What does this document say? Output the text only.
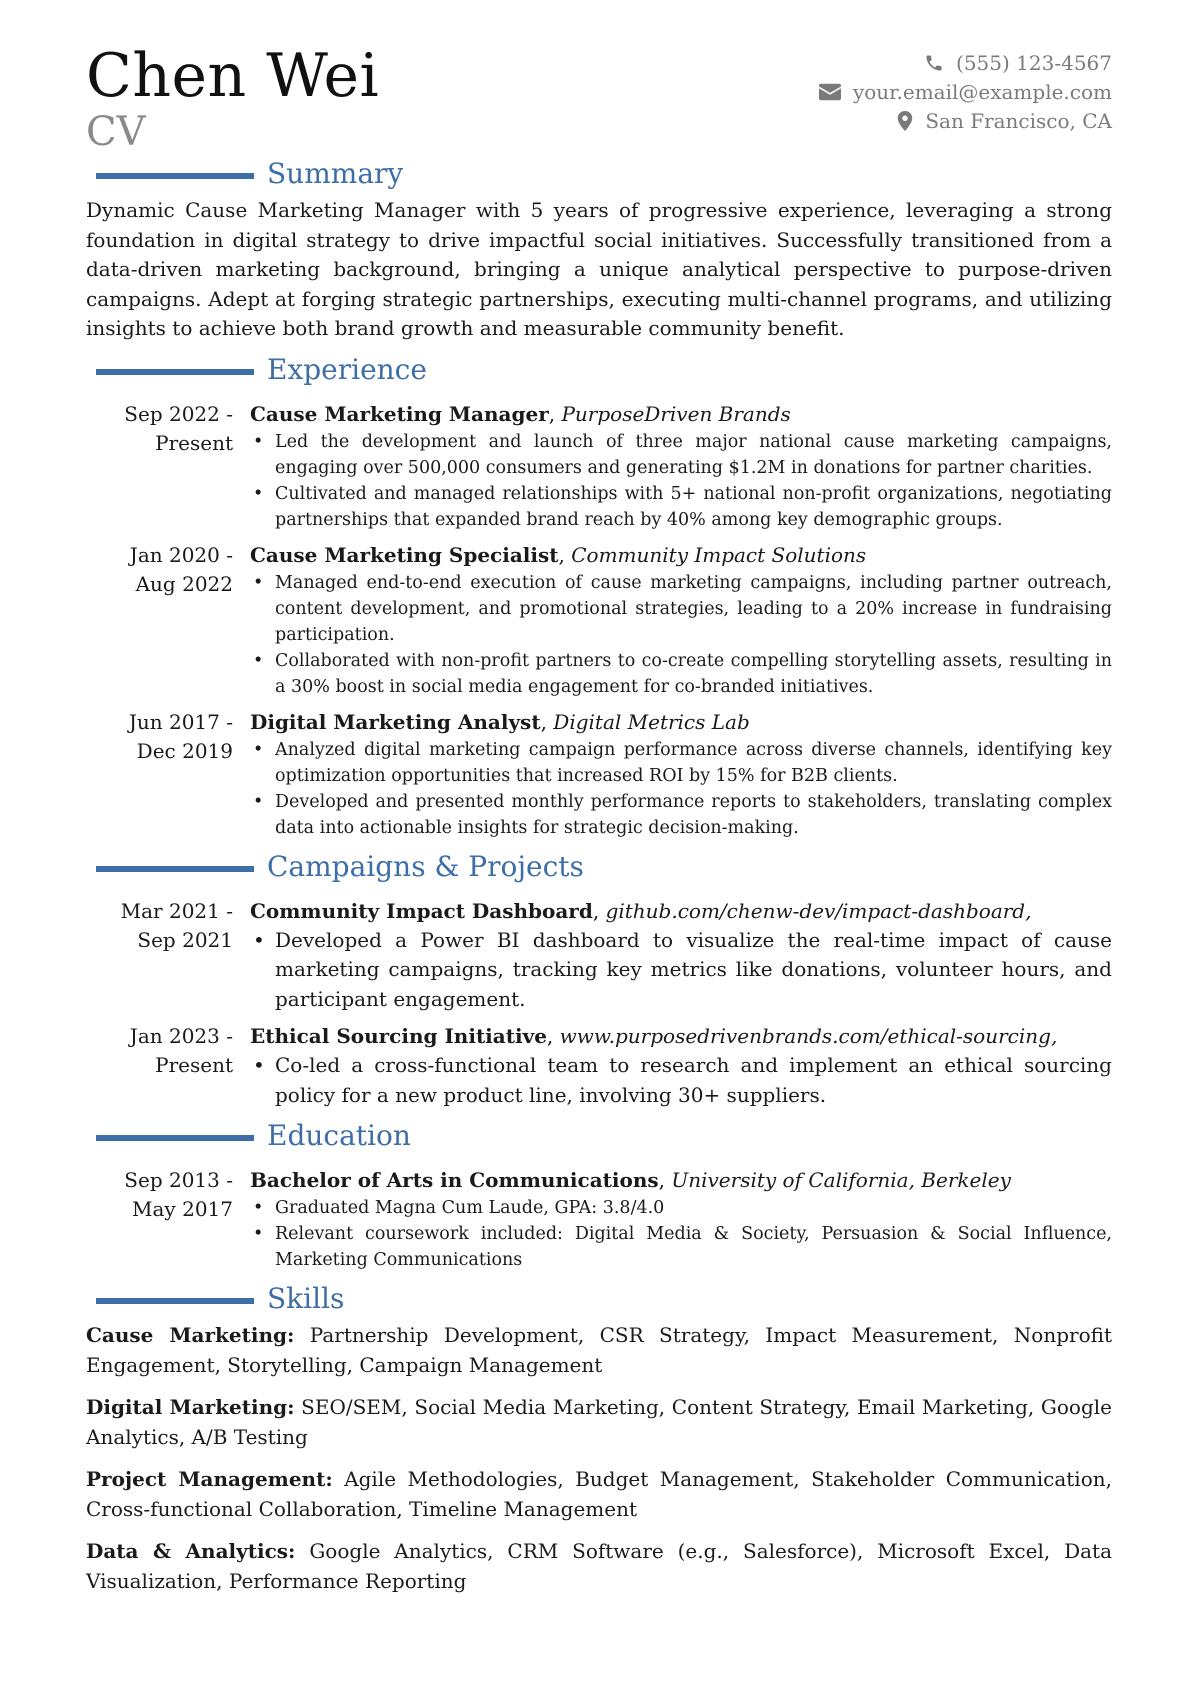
Chen Wei
CV
(555) 123-4567
your.email@example.com
San Francisco, CA
Summary

Dynamic Cause Marketing Manager with 5 years of progressive experience, leveraging a strong foundation in digital strategy to drive impactful social initiatives. Successfully transitioned from a data-driven marketing background, bringing a unique analytical perspective to purpose-driven campaigns. Adept at forging strategic partnerships, executing multi-channel programs, and utilizing insights to achieve both brand growth and measurable community benefit.

Experience
Sep 2022 - Present
Cause Marketing Manager, PurposeDriven Brands
• Led the development and launch of three major national cause marketing campaigns, engaging over 500,000 consumers and generating $1.2M in donations for partner charities.
• Cultivated and managed relationships with 5+ national non-profit organizations, negotiating partnerships that expanded brand reach by 40% among key demographic groups.
Jan 2020 - Aug 2022
Cause Marketing Specialist, Community Impact Solutions
• Managed end-to-end execution of cause marketing campaigns, including partner outreach, content development, and promotional strategies, leading to a 20% increase in fundraising participation.
• Collaborated with non-profit partners to co-create compelling storytelling assets, resulting in a 30% boost in social media engagement for co-branded initiatives.
Jun 2017 - Dec 2019
Digital Marketing Analyst, Digital Metrics Lab
• Analyzed digital marketing campaign performance across diverse channels, identifying key optimization opportunities that increased ROI by 15% for B2B clients.
• Developed and presented monthly performance reports to stakeholders, translating complex data into actionable insights for strategic decision-making.
Campaigns & Projects
Mar 2021 - Sep 2021
Community Impact Dashboard, github.com/chenw-dev/impact-dashboard,
• Developed a Power BI dashboard to visualize the real-time impact of cause marketing campaigns, tracking key metrics like donations, volunteer hours, and participant engagement.
Jan 2023 - Present
Ethical Sourcing Initiative, www.purposedrivenbrands.com/ethical-sourcing,
• Co-led a cross-functional team to research and implement an ethical sourcing policy for a new product line, involving 30+ suppliers.
Education
Sep 2013 - May 2017
Bachelor of Arts in Communications, University of California, Berkeley
• Graduated Magna Cum Laude, GPA: 3.8/4.0
• Relevant coursework included: Digital Media & Society, Persuasion & Social Influence, Marketing Communications
Skills
Cause Marketing: Partnership Development, CSR Strategy, Impact Measurement, Nonprofit Engagement, Storytelling, Campaign Management
Digital Marketing: SEO/SEM, Social Media Marketing, Content Strategy, Email Marketing, Google Analytics, A/B Testing
Project Management: Agile Methodologies, Budget Management, Stakeholder Communication, Cross-functional Collaboration, Timeline Management
Data & Analytics: Google Analytics, CRM Software (e.g., Salesforce), Microsoft Excel, Data Visualization, Performance Reporting
